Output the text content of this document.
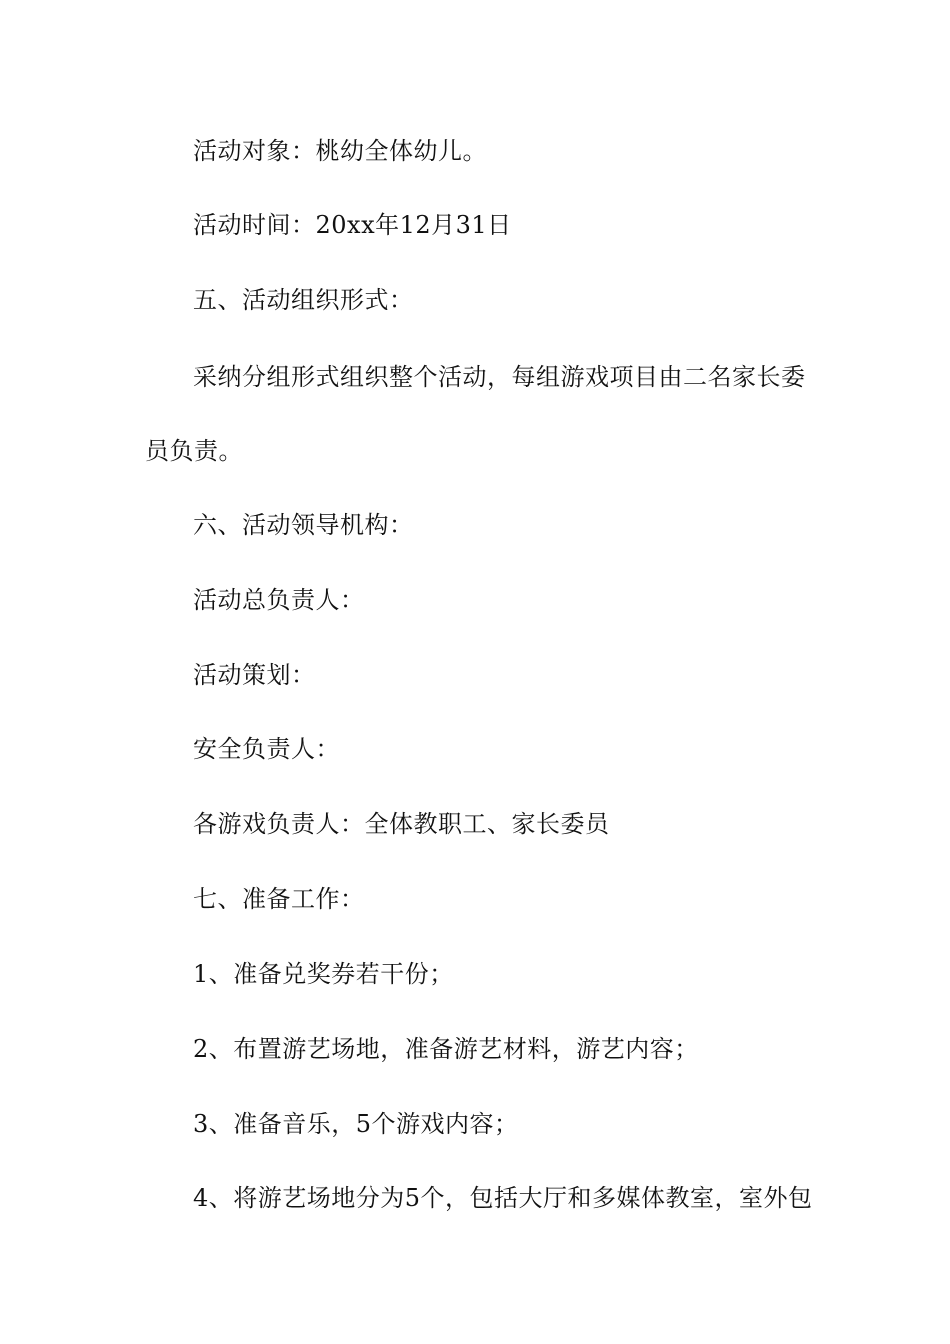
活动对象：桃幼全体幼儿。
活动时间：20xx年12月31日
五、活动组织形式：
采纳分组形式组织整个活动，每组游戏项目由二名家长委
员负责。
六、活动领导机构：
活动总负责人：
活动策划：
安全负责人：
各游戏负责人：全体教职工、家长委员
七、准备工作：
1、准备兑奖券若干份；
2、布置游艺场地，准备游艺材料，游艺内容；
3、准备音乐，5个游戏内容；
4、将游艺场地分为5个，包括大厅和多媒体教室，室外包
